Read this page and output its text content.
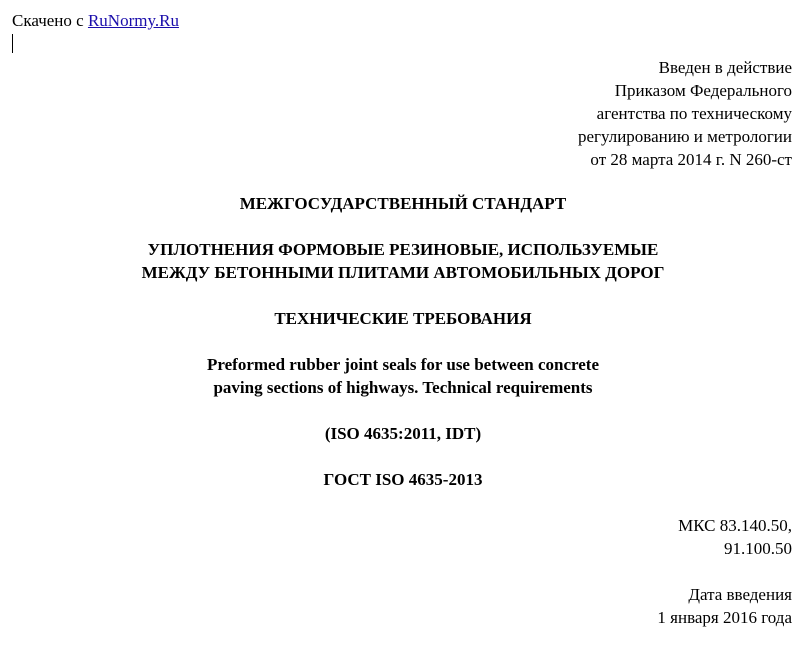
Скачено с RuNormy.Ru
Введен в действие
Приказом Федерального
агентства по техническому
регулированию и метрологии
от 28 марта 2014 г. N 260-ст
МЕЖГОСУДАРСТВЕННЫЙ СТАНДАРТ
УПЛОТНЕНИЯ ФОРМОВЫЕ РЕЗИНОВЫЕ, ИСПОЛЬЗУЕМЫЕ
МЕЖДУ БЕТОННЫМИ ПЛИТАМИ АВТОМОБИЛЬНЫХ ДОРОГ
ТЕХНИЧЕСКИЕ ТРЕБОВАНИЯ
Preformed rubber joint seals for use between concrete
paving sections of highways. Technical requirements
(ISO 4635:2011, IDT)
ГОСТ ISO 4635-2013
МКС 83.140.50,
91.100.50
Дата введения
1 января 2016 года
